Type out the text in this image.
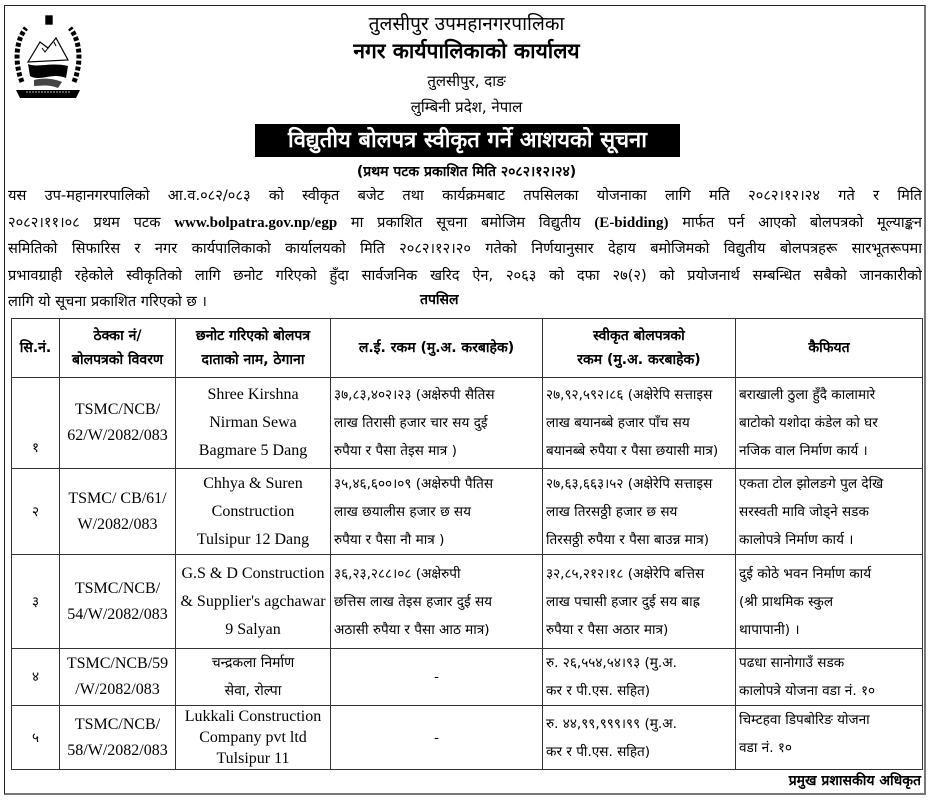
तुलसीपुर उपमहानगरपालिका
नगर कार्यपालिकाको कार्यालय
तुलसीपुर, दाङ
लुम्बिनी प्रदेश, नेपाल
विद्युतीय बोलपत्र स्वीकृत गर्ने आशयको सूचना
(प्रथम पटक प्रकाशित मिति २०८२।१२।२४)
यस उप-महानगरपालिको आ.व.०८२/०८३ को स्वीकृत बजेट तथा कार्यक्रमबाट तपसिलका योजनाका लागि मति २०८२।१२।२४ गते र मिति
२०८२।११।०८ प्रथम पटक www.bolpatra.gov.np/egp मा प्रकाशित सूचना बमोजिम विद्युतीय (E-bidding) मार्फत पर्न आएको बोलपत्रको मूल्याङ्कन
समितिको सिफारिस र नगर कार्यपालिकाको कार्यालयको मिति २०८२।१२।२० गतेको निर्णयानुसार देहाय बमोजिमको विद्युतीय बोलपत्रहरू सारभूतरूपमा
प्रभावग्राही रहेकोले स्वीकृतिको लागि छनोट गरिएको हुँदा सार्वजनिक खरिद ऐन, २०६३ को दफा २७(२) को प्रयोजनार्थ सम्बन्धित सबैको जानकारीको
लागि यो सूचना प्रकाशित गरिएको छ ।	तपसिल
सि.नं.	ठेक्का नं/
बोलपत्रको विवरण	छनोट गरिएको बोलपत्र
दाताको नाम, ठेगाना	ल.ई. रकम (मु.अ. करबाहेक)	स्वीकृत बोलपत्रको
रकम (मु.अ. करबाहेक)	कैफियत
१	TSMC/NCB/
62/W/2082/083	Shree Kirshna
Nirman Sewa
Bagmare 5 Dang	३७,८३,४०२।२३ (अक्षेरुपी सैतिस
लाख तिरासी हजार चार सय दुई
रुपैया र पैसा तेइस मात्र )	२७,९२,५९२।८६ (अक्षेरेपि सत्ताइस
लाख बयानब्बे हजार पाँच सय
बयानब्बे रुपैया र पैसा छयासी मात्र)	बराखाली ठुला हुँदै कालामारे
बाटोको यशोदा कंडेल को घर
नजिक वाल निर्माण कार्य ।
२	TSMC/ CB/61/
W/2082/083	Chhya & Suren
Construction
Tulsipur 12 Dang	३५,४६,६००।०९ (अक्षेरुपी पैतिस
लाख छयालीस हजार छ सय
रुपैया र पैसा नौ मात्र )	२७,६३,६६३।५२ (अक्षेरेपि सत्ताइस
लाख तिरसठ्ठी हजार छ सय
तिरसठ्ठी रुपैया र पैसा बाउन्न मात्र)	एकता टोल झोलङगे पुल देखि
सरस्वती मावि जोड्ने सडक
कालोपत्रे निर्माण कार्य ।
३	TSMC/NCB/
54/W/2082/083	G.S & D Construction
& Supplier's agchawar
9 Salyan	३६,२३,२८८।०८ (अक्षेरुपी
छत्तिस लाख तेइस हजार दुई सय
अठासी रुपैया र पैसा आठ मात्र)	३२,८५,२१२।१८ (अक्षेरेपि बत्तिस
लाख पचासी हजार दुई सय बाह्र
रुपैया र पैसा अठार मात्र)	दुई कोठे भवन निर्माण कार्य
(श्री प्राथमिक स्कुल
थापापानी) ।
४	TSMC/NCB/59
/W/2082/083	चन्द्रकला निर्माण
सेवा, रोल्पा	-	रु. २६,५५४,५४।९३ (मु.अ.
कर र पी.एस. सहित)	पढधा सानोगाउँ सडक
कालोपत्रे योजना वडा नं. १०
५	TSMC/NCB/
58/W/2082/083	Lukkali Construction
Company pvt ltd
Tulsipur 11	-	रु. ४४,९९,९९९।९९ (मु.अ.
कर र पी.एस. सहित)	चिम्टहवा डिपबोरिङ योजना
वडा नं. १०
प्रमुख प्रशासकीय अधिकृत
